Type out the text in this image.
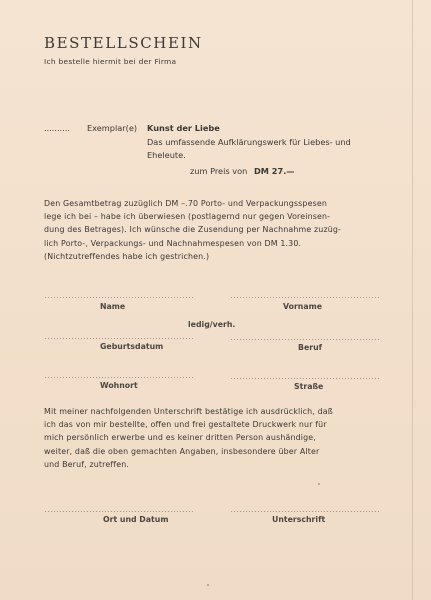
BESTELLSCHEIN
Ich bestelle hiermit bei der Firma
.......... Exemplar(e) Kunst der Liebe
Das umfassende Aufklärungswerk für Liebes- und
Eheleute.
zum Preis von DM 27.—
Den Gesamtbetrag zuzüglich DM –.70 Porto- und Verpackungsspesen
lege ich bei – habe ich überwiesen (postlagernd nur gegen Voreinsen-
dung des Betrages). Ich wünsche die Zusendung per Nachnahme zuzüg-
lich Porto-, Verpackungs- und Nachnahmespesen von DM 1.30.
(Nichtzutreffendes habe ich gestrichen.)
Name	Vorname
ledig/verh.
Geburtsdatum	Beruf
Wohnort	Straße
Mit meiner nachfolgenden Unterschrift bestätige ich ausdrücklich, daß
ich das von mir bestellte, offen und frei gestaltete Druckwerk nur für
mich persönlich erwerbe und es keiner dritten Person aushändige,
weiter, daß die oben gemachten Angaben, insbesondere über Alter
und Beruf, zutreffen.
Ort und Datum	Unterschrift
